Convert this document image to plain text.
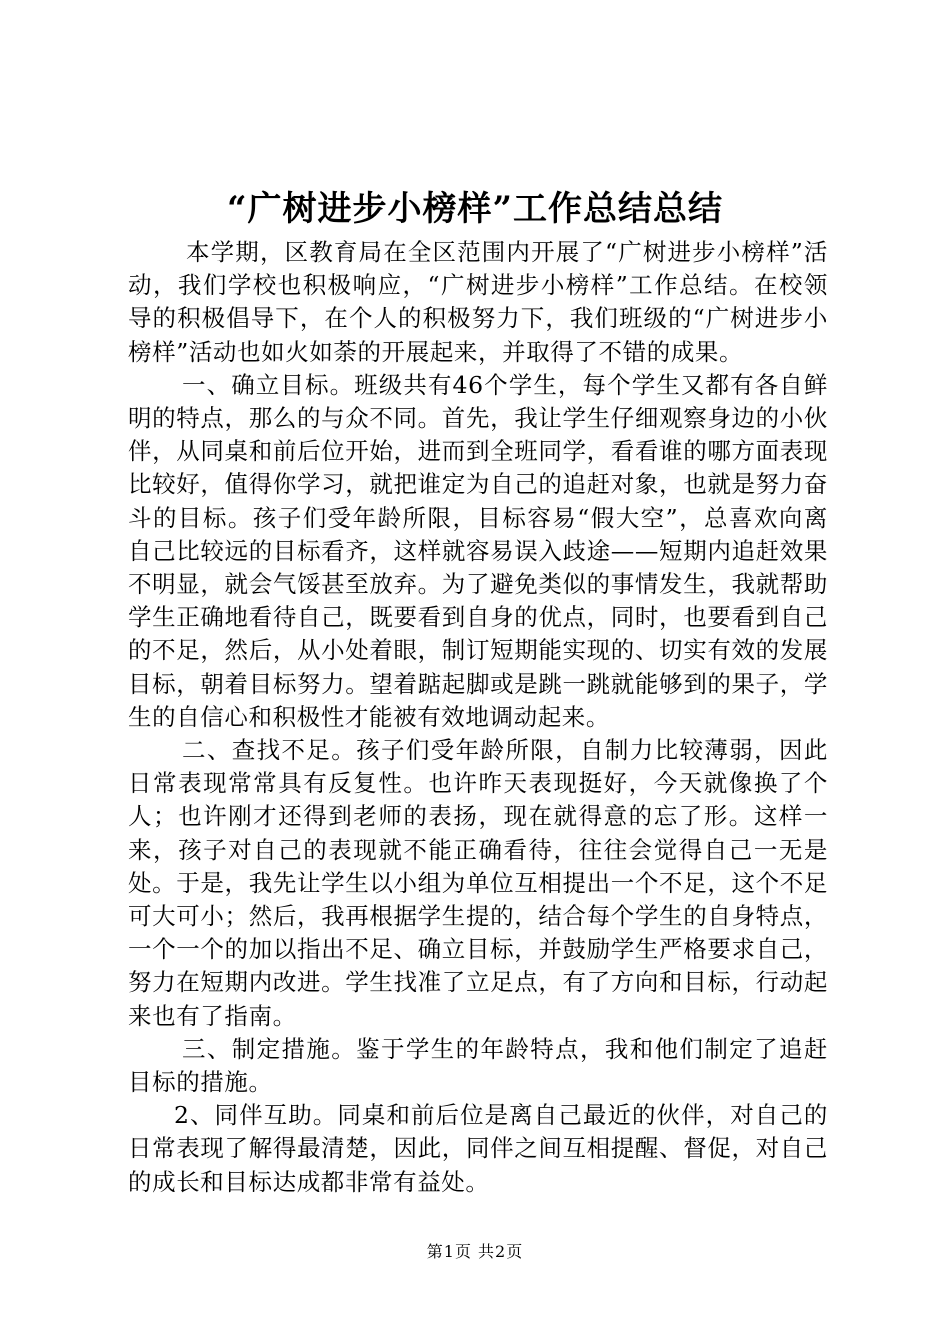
“广树进步小榜样”工作总结总结

本学期，区教育局在全区范围内开展了“广树进步小榜样”活动，我们学校也积极响应，“广树进步小榜样”工作总结。在校领导的积极倡导下，在个人的积极努力下，我们班级的“广树进步小榜样”活动也如火如荼的开展起来，并取得了不错的成果。

一、确立目标。班级共有46个学生，每个学生又都有各自鲜明的特点，那么的与众不同。首先，我让学生仔细观察身边的小伙伴，从同桌和前后位开始，进而到全班同学，看看谁的哪方面表现比较好，值得你学习，就把谁定为自己的追赶对象，也就是努力奋斗的目标。孩子们受年龄所限，目标容易“假大空”，总喜欢向离自己比较远的目标看齐，这样就容易误入歧途——短期内追赶效果不明显，就会气馁甚至放弃。为了避免类似的事情发生，我就帮助学生正确地看待自己，既要看到自身的优点，同时，也要看到自己的不足，然后，从小处着眼，制订短期能实现的、切实有效的发展目标，朝着目标努力。望着踮起脚或是跳一跳就能够到的果子，学生的自信心和积极性才能被有效地调动起来。

二、查找不足。孩子们受年龄所限，自制力比较薄弱，因此日常表现常常具有反复性。也许昨天表现挺好，今天就像换了个人；也许刚才还得到老师的表扬，现在就得意的忘了形。这样一来，孩子对自己的表现就不能正确看待，往往会觉得自己一无是处。于是，我先让学生以小组为单位互相提出一个不足，这个不足可大可小；然后，我再根据学生提的，结合每个学生的自身特点，一个一个的加以指出不足、确立目标，并鼓励学生严格要求自己，努力在短期内改进。学生找准了立足点，有了方向和目标，行动起来也有了指南。

三、制定措施。鉴于学生的年龄特点，我和他们制定了追赶目标的措施。

2、同伴互助。同桌和前后位是离自己最近的伙伴，对自己的日常表现了解得最清楚，因此，同伴之间互相提醒、督促，对自己的成长和目标达成都非常有益处。

第1页 共2页
